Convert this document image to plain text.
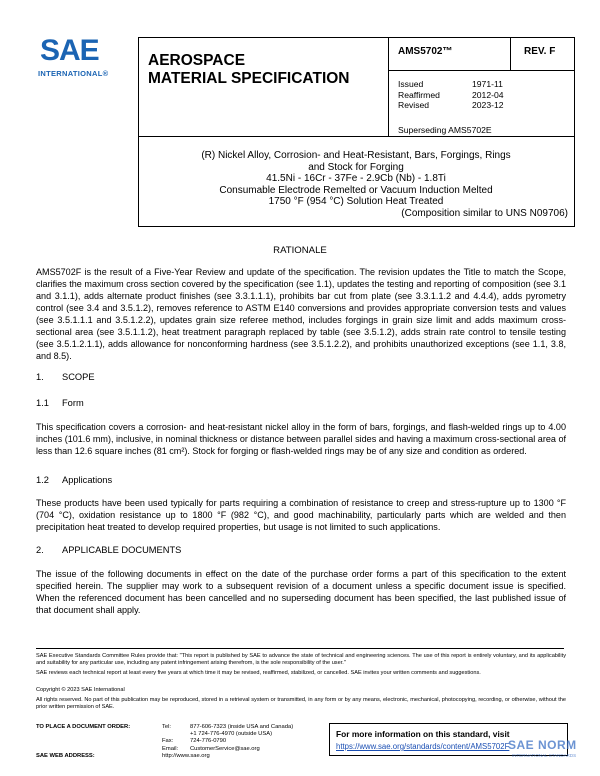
SAE
INTERNATIONAL®
AEROSPACE
MATERIAL SPECIFICATION
AMS5702™	REV. F
Issued	1971-11
Reaffirmed	2012-04
Revised	2023-12
Superseding AMS5702E
(R) Nickel Alloy, Corrosion- and Heat-Resistant, Bars, Forgings, Rings
and Stock for Forging
41.5Ni - 16Cr - 37Fe - 2.9Cb (Nb) - 1.8Ti
Consumable Electrode Remelted or Vacuum Induction Melted
1750 °F (954 °C) Solution Heat Treated
(Composition similar to UNS N09706)
RATIONALE
AMS5702F is the result of a Five-Year Review and update of the specification. The revision updates the Title to match the Scope, clarifies the maximum cross section covered by the specification (see 1.1), updates the testing and reporting of composition (see 3.1 and 3.1.1), adds alternate product finishes (see 3.3.1.1.1), prohibits bar cut from plate (see 3.3.1.1.2 and 4.4.4), adds pyrometry control (see 3.4 and 3.5.1.2), removes reference to ASTM E140 conversions and provides appropriate conversion tests and values (see 3.5.1.1.1 and 3.5.1.2.2), updates grain size referee method, includes forgings in grain size limit and adds maximum cross-sectional area (see 3.5.1.1.2), heat treatment paragraph replaced by table (see 3.5.1.2), adds strain rate control to tensile testing (see 3.5.1.2.1.1), adds allowance for nonconforming hardness (see 3.5.1.2.2), and prohibits unauthorized exceptions (see 1.1, 3.8, and 8.5).
1. SCOPE
1.1 Form
This specification covers a corrosion- and heat-resistant nickel alloy in the form of bars, forgings, and flash-welded rings up to 4.00 inches (101.6 mm), inclusive, in nominal thickness or distance between parallel sides and having a maximum cross-sectional area of less than 12.6 square inches (81 cm²). Stock for forging or flash-welded rings may be of any size and condition as ordered.
1.2 Applications
These products have been used typically for parts requiring a combination of resistance to creep and stress-rupture up to 1300 °F (704 °C), oxidation resistance up to 1800 °F (982 °C), and good machinability, particularly parts which are welded and then precipitation heat treated to develop required properties, but usage is not limited to such applications.
2. APPLICABLE DOCUMENTS
The issue of the following documents in effect on the date of the purchase order forms a part of this specification to the extent specified herein. The supplier may work to a subsequent revision of a document unless a specific document issue is specified. When the referenced document has been cancelled and no superseding document has been specified, the last published issue of that document shall apply.
SAE Executive Standards Committee Rules provide that: "This report is published by SAE to advance the state of technical and engineering sciences. The use of this report is entirely voluntary, and its applicability and suitability for any particular use, including any patent infringement arising therefrom, is the sole responsibility of the user."
SAE reviews each technical report at least every five years at which time it may be revised, reaffirmed, stabilized, or cancelled. SAE invites your written comments and suggestions.
Copyright © 2023 SAE International
All rights reserved. No part of this publication may be reproduced, stored in a retrieval system or transmitted, in any form or by any means, electronic, mechanical, photocopying, recording, or otherwise, without the prior written permission of SAE.
TO PLACE A DOCUMENT ORDER:	Tel:	877-606-7323 (inside USA and Canada)
		+1 724-776-4970 (outside USA)
	Fax:	724-776-0790
	Email:	CustomerService@sae.org
SAE WEB ADDRESS:	http://www.sae.org	
For more information on this standard, visit
https://www.sae.org/standards/content/AMS5702F
SAE NORM
INTERNATIONAL STANDARDS
